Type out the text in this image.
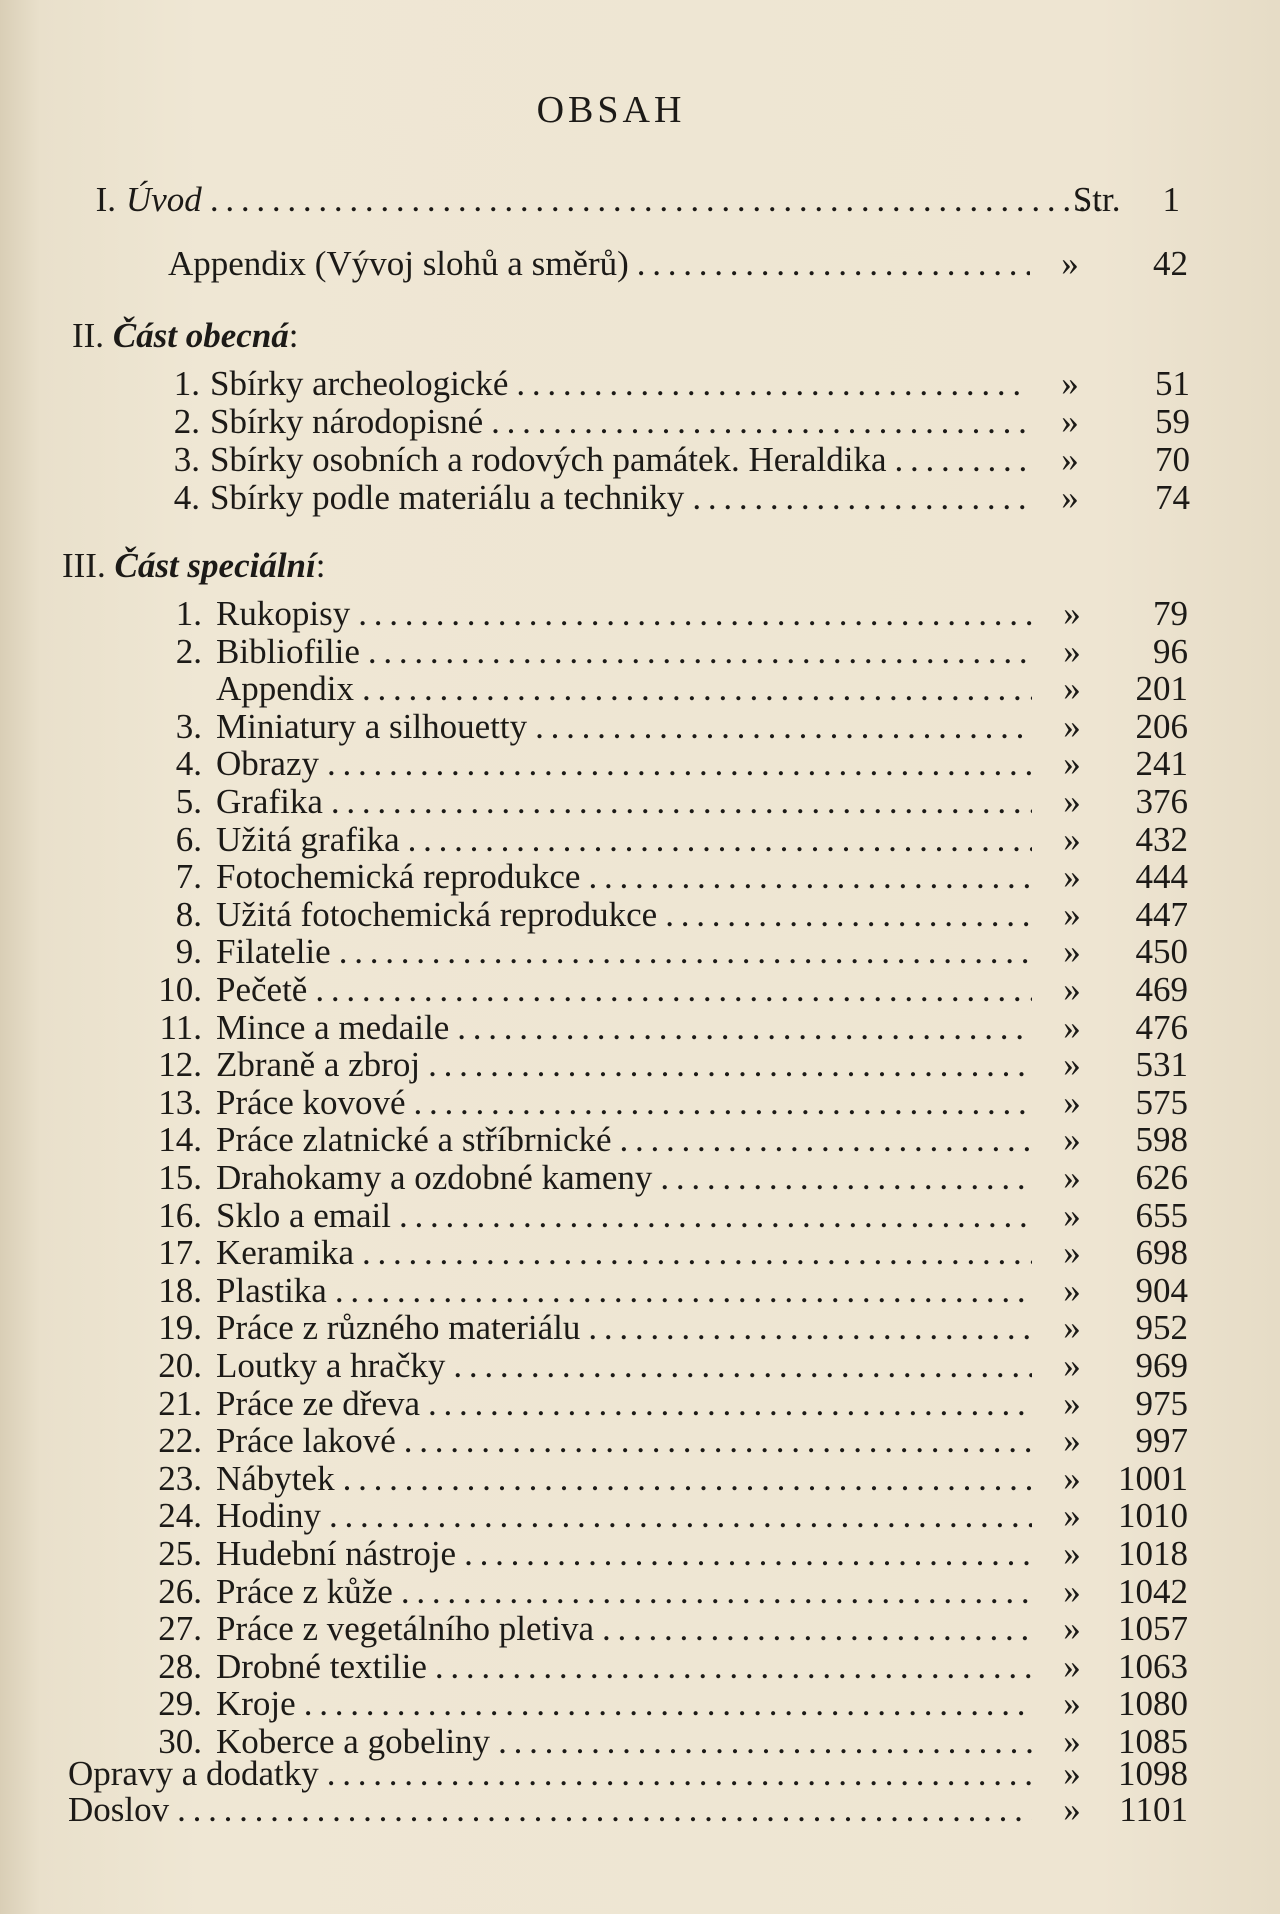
OBSAH
I. Úvod . . .	Str. 1
Appendix (Vývoj slohů a směrů) . . .	»	42
II. Část obecná:
1. Sbírky archeologické . . .	»	51
2. Sbírky národopisné . . .	»	59
3. Sbírky osobních a rodových památek. Heraldika . . .	»	70
4. Sbírky podle materiálu a techniky . . .	»	74
III. Část speciální:
1. Rukopisy . . .	»	79
2. Bibliofilie . . .	»	96
Appendix . . .	»	201
3. Miniatury a silhouetty . . .	»	206
4. Obrazy . . .	»	241
5. Grafika . . .	»	376
6. Užitá grafika . . .	»	432
7. Fotochemická reprodukce . . .	»	444
8. Užitá fotochemická reprodukce . . .	»	447
9. Filatelie . . .	»	450
10. Pečetě . . .	»	469
11. Mince a medaile . . .	»	476
12. Zbraně a zbroj . . .	»	531
13. Práce kovové . . .	»	575
14. Práce zlatnické a stříbrnické . . .	»	598
15. Drahokamy a ozdobné kameny . . .	»	626
16. Sklo a email . . .	»	655
17. Keramika . . .	»	698
18. Plastika . . .	»	904
19. Práce z různého materiálu . . .	»	952
20. Loutky a hračky . . .	»	969
21. Práce ze dřeva . . .	»	975
22. Práce lakové . . .	»	997
23. Nábytek . . .	»	1001
24. Hodiny . . .	»	1010
25. Hudební nástroje . . .	»	1018
26. Práce z kůže . . .	»	1042
27. Práce z vegetálního pletiva . . .	»	1057
28. Drobné textilie . . .	»	1063
29. Kroje . . .	»	1080
30. Koberce a gobeliny . . .	»	1085
Opravy a dodatky . . .	»	1098
Doslov . . .	»	1101
